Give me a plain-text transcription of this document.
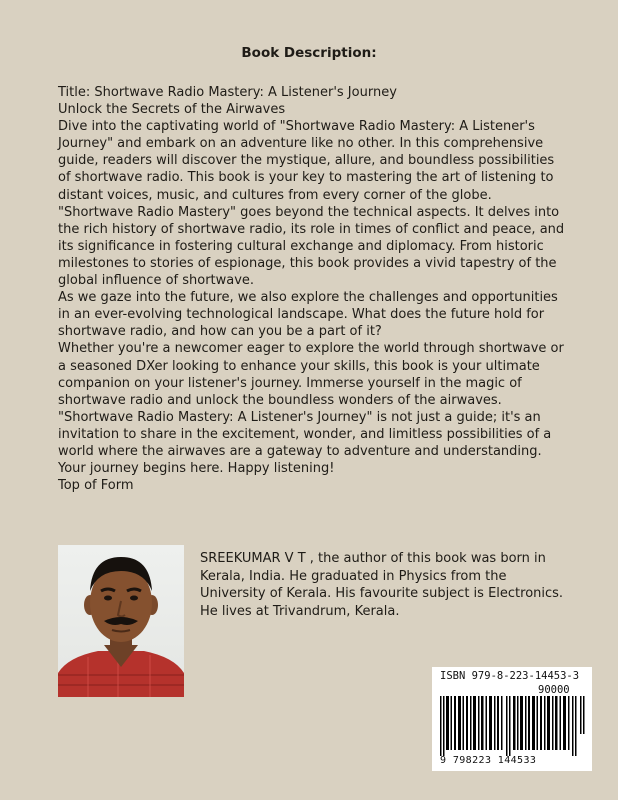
Book Description:

Title: Shortwave Radio Mastery: A Listener's Journey

Unlock the Secrets of the Airwaves

Dive into the captivating world of "Shortwave Radio Mastery: A Listener's Journey" and embark on an adventure like no other. In this comprehensive guide, readers will discover the mystique, allure, and boundless possibilities of shortwave radio. This book is your key to mastering the art of listening to distant voices, music, and cultures from every corner of the globe.

"Shortwave Radio Mastery" goes beyond the technical aspects. It delves into the rich history of shortwave radio, its role in times of conflict and peace, and its significance in fostering cultural exchange and diplomacy. From historic milestones to stories of espionage, this book provides a vivid tapestry of the global influence of shortwave.

As we gaze into the future, we also explore the challenges and opportunities in an ever-evolving technological landscape. What does the future hold for shortwave radio, and how can you be a part of it?

Whether you're a newcomer eager to explore the world through shortwave or a seasoned DXer looking to enhance your skills, this book is your ultimate companion on your listener's journey. Immerse yourself in the magic of shortwave radio and unlock the boundless wonders of the airwaves.

"Shortwave Radio Mastery: A Listener's Journey" is not just a guide; it's an invitation to share in the excitement, wonder, and limitless possibilities of a world where the airwaves are a gateway to adventure and understanding.

Your journey begins here. Happy listening!

Top of Form

SREEKUMAR V T , the author of this book was born in Kerala, India. He graduated in Physics from the University of Kerala. His favourite subject is Electronics. He lives at Trivandrum, Kerala.
ISBN 979-8-223-14453-3
90000
9 798223 144533
